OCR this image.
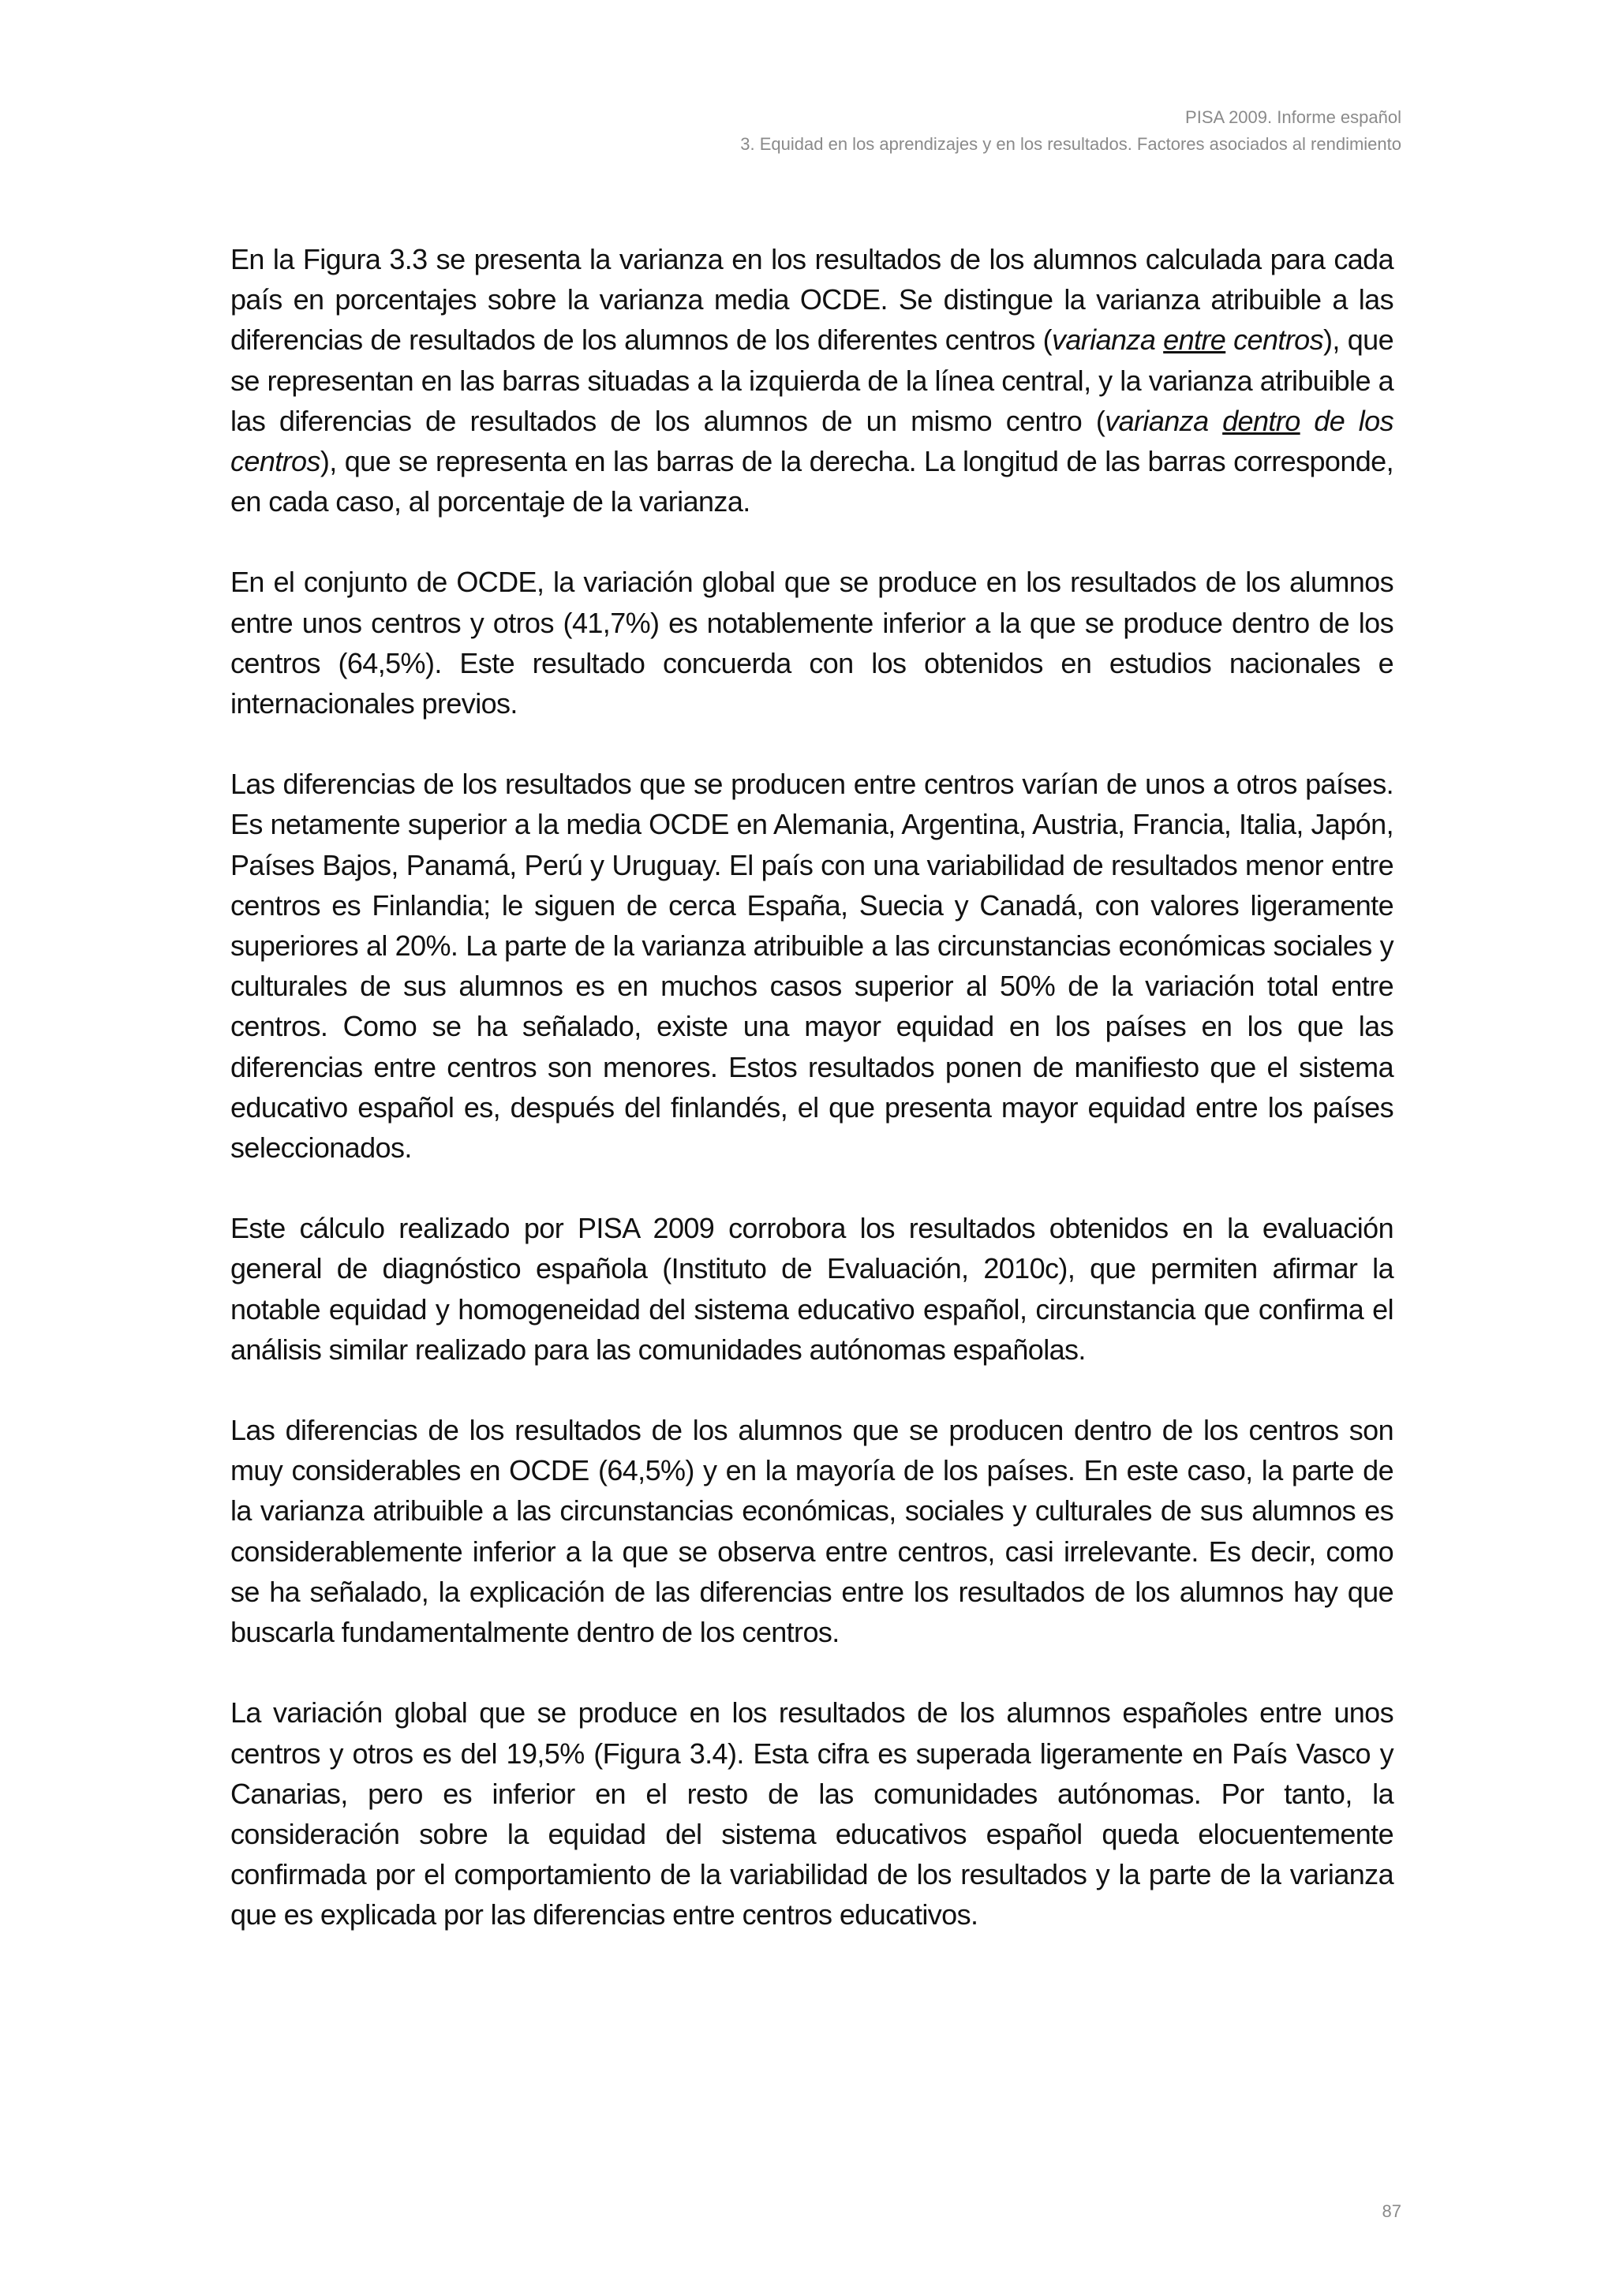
PISA 2009. Informe español
3. Equidad en los aprendizajes y en los resultados. Factores asociados al rendimiento

En la Figura 3.3 se presenta la varianza en los resultados de los alumnos calculada para cada país en porcentajes sobre la varianza media OCDE. Se distingue la varianza atribuible a las diferencias de resultados de los alumnos de los diferentes centros (varianza entre centros), que se representan en las barras situadas a la izquierda de la línea central, y la varianza atribuible a las diferencias de resultados de los alumnos de un mismo centro (varianza dentro de los centros), que se representa en las barras de la derecha. La longitud de las barras corresponde, en cada caso, al porcentaje de la varianza.

En el conjunto de OCDE, la variación global que se produce en los resultados de los alumnos entre unos centros y otros (41,7%) es notablemente inferior a la que se produce dentro de los centros (64,5%). Este resultado concuerda con los obtenidos en estudios nacionales e internacionales previos.

Las diferencias de los resultados que se producen entre centros varían de unos a otros países. Es netamente superior a la media OCDE en Alemania, Argentina, Austria, Francia, Italia, Japón, Países Bajos, Panamá, Perú y Uruguay. El país con una variabilidad de resultados menor entre centros es Finlandia; le siguen de cerca España, Suecia y Canadá, con valores ligeramente superiores al 20%. La parte de la varianza atribuible a las circunstancias económicas sociales y culturales de sus alumnos es en muchos casos superior al 50% de la variación total entre centros. Como se ha señalado, existe una mayor equidad en los países en los que las diferencias entre centros son menores. Estos resultados ponen de manifiesto que el sistema educativo español es, después del finlandés, el que presenta mayor equidad entre los países seleccionados.

Este cálculo realizado por PISA 2009 corrobora los resultados obtenidos en la evaluación general de diagnóstico española (Instituto de Evaluación, 2010c), que permiten afirmar la notable equidad y homogeneidad del sistema educativo español, circunstancia que confirma el análisis similar realizado para las comunidades autónomas españolas.

Las diferencias de los resultados de los alumnos que se producen dentro de los centros son muy considerables en OCDE (64,5%) y en la mayoría de los países. En este caso, la parte de la varianza atribuible a las circunstancias económicas, sociales y culturales de sus alumnos es considerablemente inferior a la que se observa entre centros, casi irrelevante. Es decir, como se ha señalado, la explicación de las diferencias entre los resultados de los alumnos hay que buscarla fundamentalmente dentro de los centros.

La variación global que se produce en los resultados de los alumnos españoles entre unos centros y otros es del 19,5% (Figura 3.4). Esta cifra es superada ligeramente en País Vasco y Canarias, pero es inferior en el resto de las comunidades autónomas. Por tanto, la consideración sobre la equidad del sistema educativos español queda elocuentemente confirmada por el comportamiento de la variabilidad de los resultados y la parte de la varianza que es explicada por las diferencias entre centros educativos.

87
